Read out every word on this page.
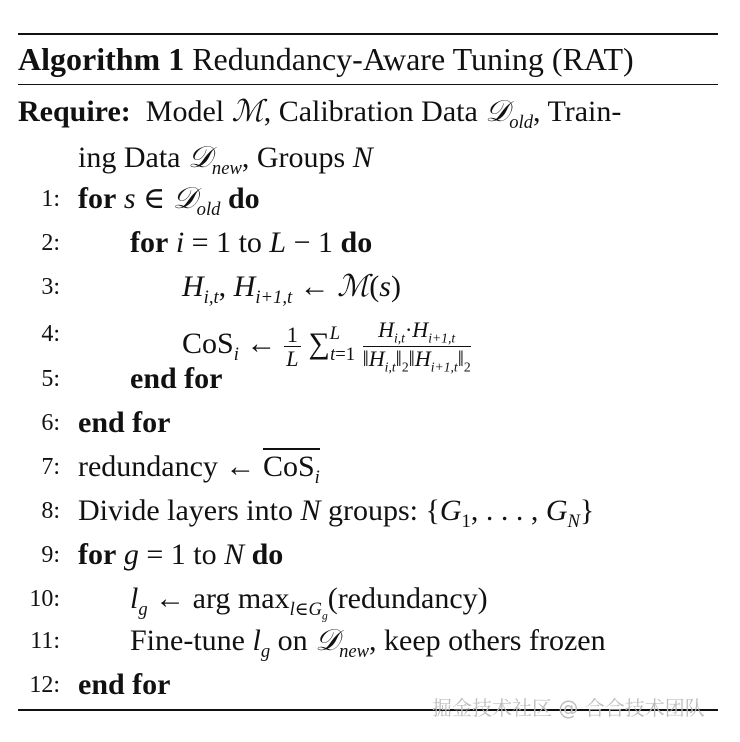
Algorithm 1 Redundancy-Aware Tuning (RAT)
Require:  Model ℳ, Calibration Data 𝒟$_{old}$, Train-
ing Data 𝒟$_{new}$, Groups N
1: for s ∈ 𝒟$_{old}$ do
2: for i = 1 to L − 1 do
3:	$H_{i,t}$, $H_{i+1,t}$ ← ℳ(s)
4:	CoS$_i$ ← $\frac{1}{L} \sum^L_{t=1} \frac{H_{i,t}\cdot H_{i+1,t}}{‖H_{i,t}‖_2‖H_{i+1,t}‖_2}$
5: end for
6: end for
7: redundancy ← CoS$_i$
8: Divide layers into N groups: {$G_1$, . . . , $G_N$}
9: for g = 1 to N do
10: $l_g$ ← arg $\max_{l\in G_g}(redundancy)$
11: Fine-tune $l_g$ on 𝒟$_{new}$, keep others frozen
12: end for
掘金技术社区 @ 合合技术团队
